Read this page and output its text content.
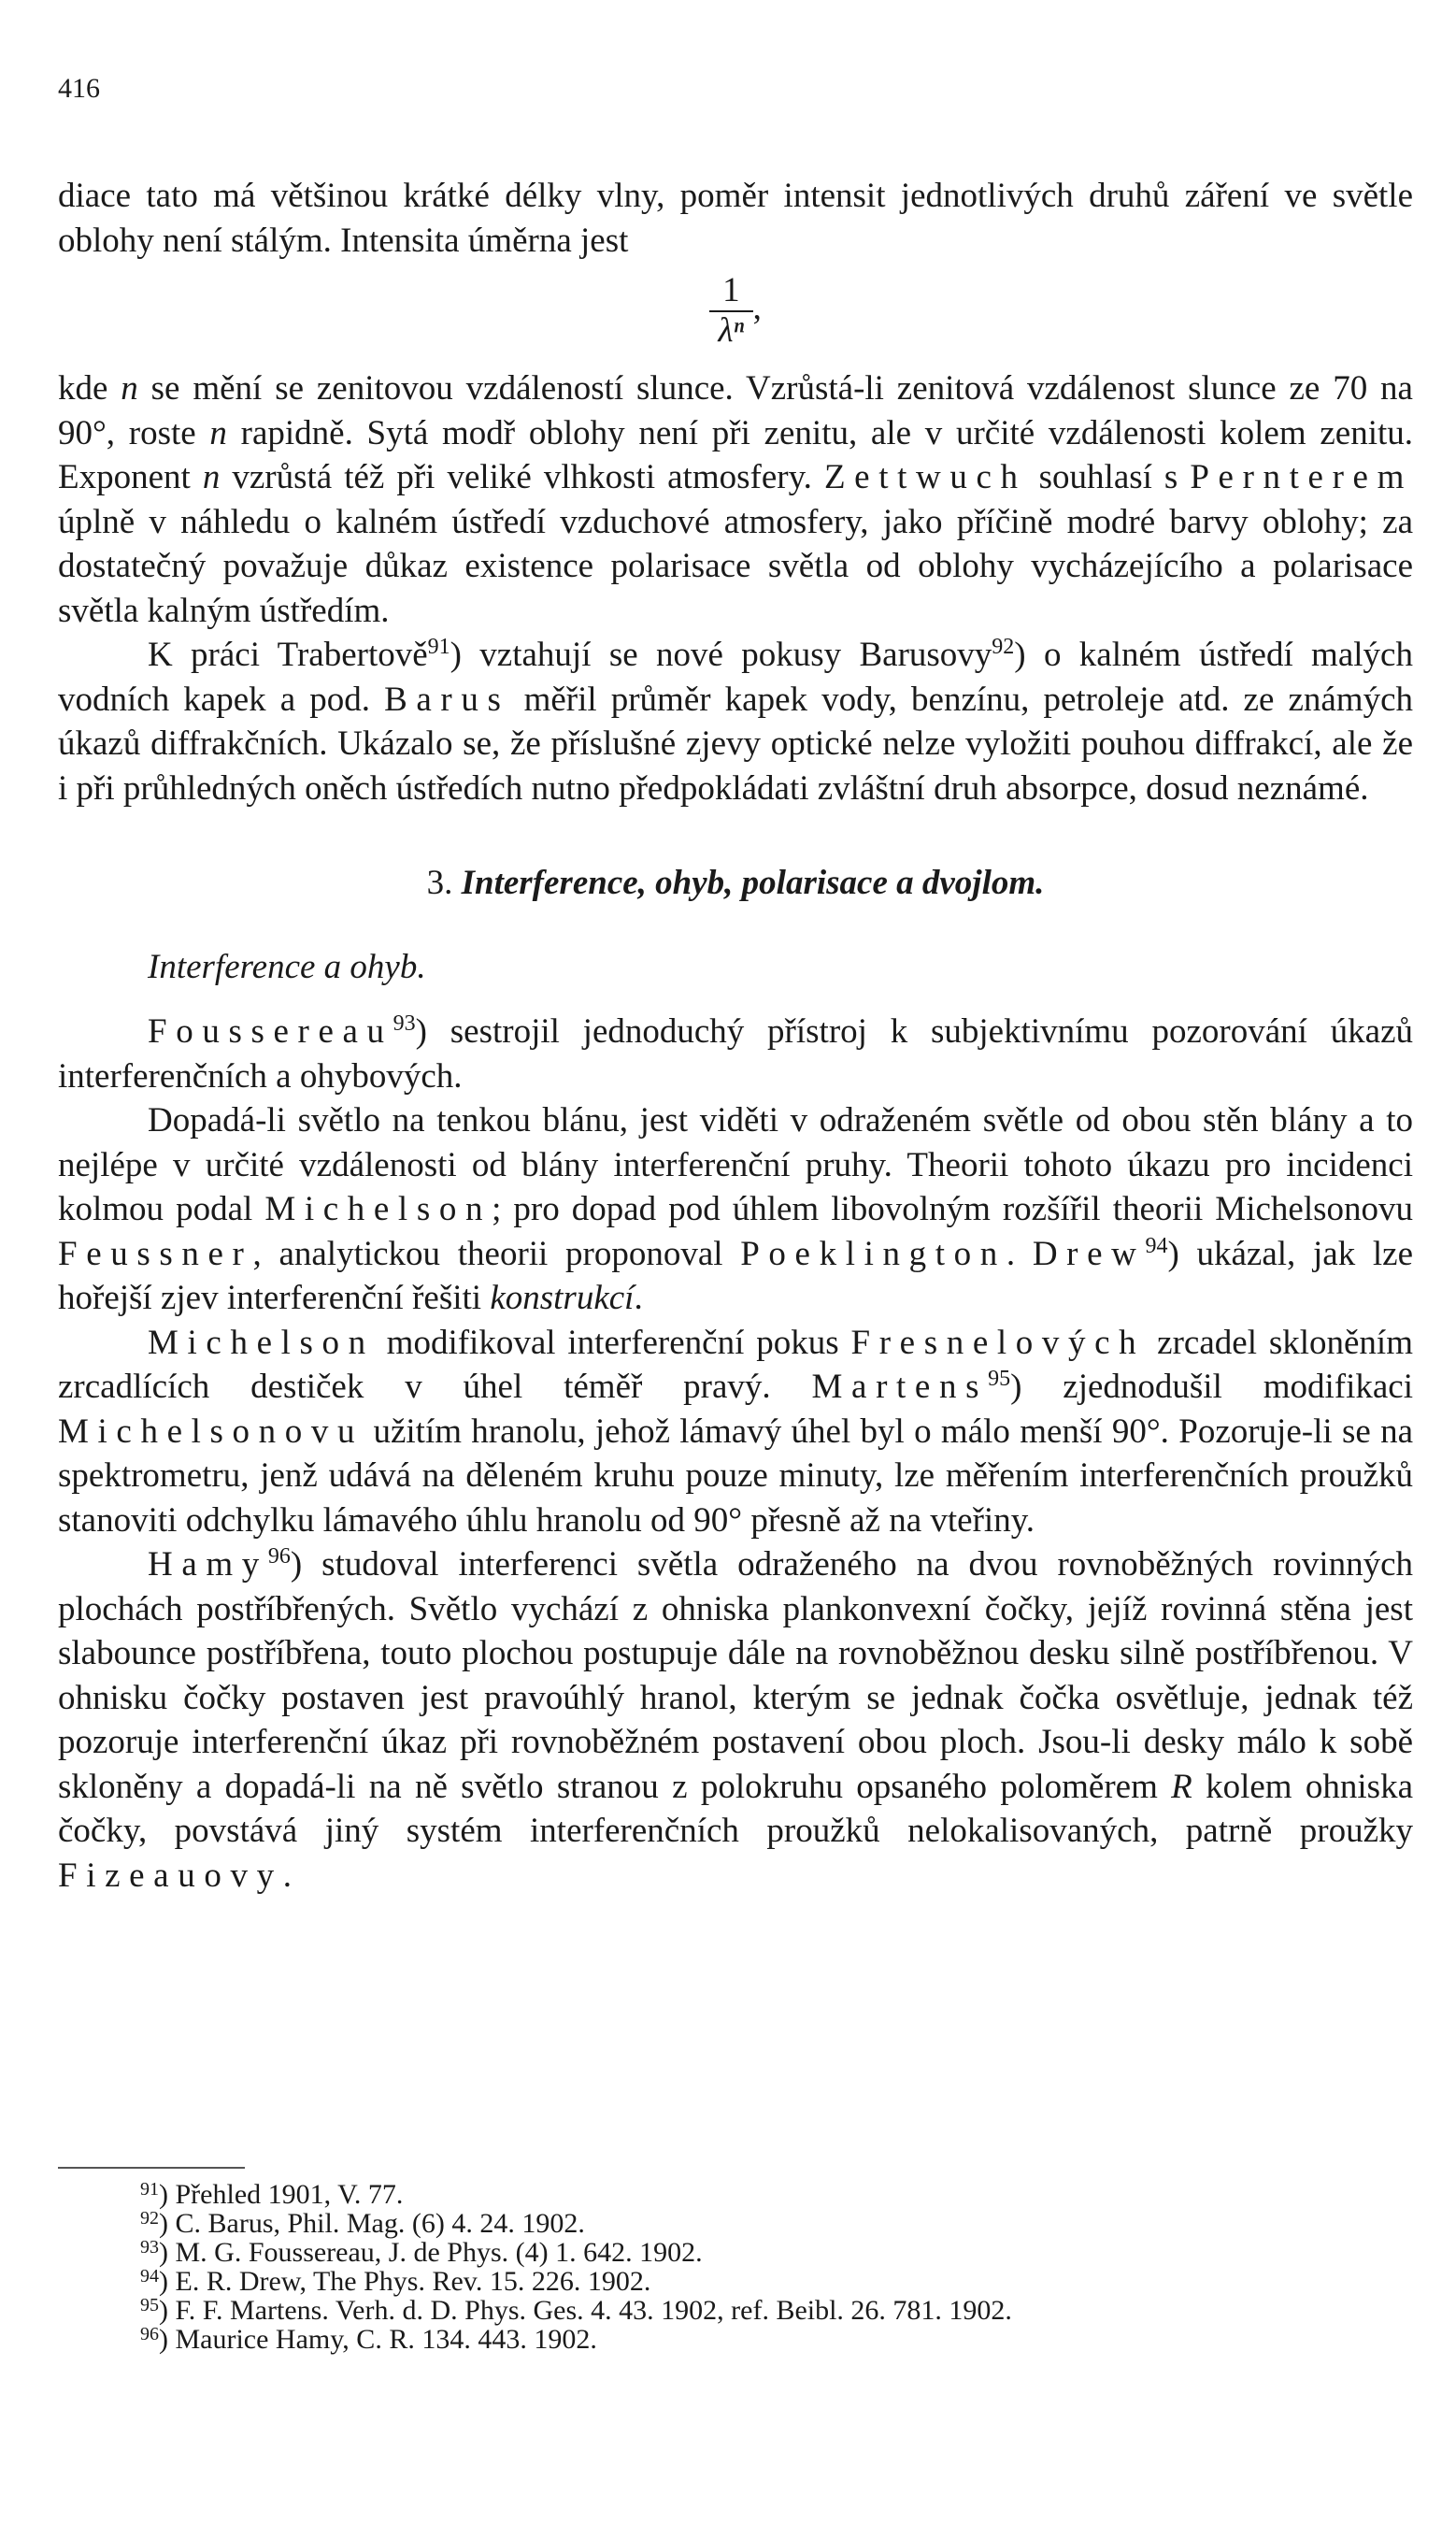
416

diace tato má většinou krátké délky vlny, poměr intensit jednotlivých druhů záření ve světle oblohy není stálým. Intensita úměrna jest

$\frac{1}{\text{λⁿ}}$ ,

kde n se mění se zenitovou vzdáleností slunce. Vzrůstá-li zenitová vzdálenost slunce ze 70 na 90°, roste n rapidně. Sytá modř oblohy není při zenitu, ale v určité vzdálenosti kolem zenitu. Exponent n vzrůstá též při veliké vlhkosti atmosfery. Zettwuch souhlasí s Pernterem úplně v náhledu o kalném ústředí vzduchové atmosfery, jako příčině modré barvy oblohy; za dostatečný považuje důkaz existence polarisace světla od oblohy vycházejícího a polarisace světla kalným ústředím.

K práci Trabertově$^{91}$) vztahují se nové pokusy Barusovy$^{92}$) o kalném ústředí malých vodních kapek a pod. Barus měřil průměr kapek vody, benzínu, petroleje atd. ze známých úkazů diffrakčních. Ukázalo se, že příslušné zjevy optické nelze vyložiti pouhou diffrakcí, ale že i při průhledných oněch ústředích nutno předpokládati zvláštní druh absorpce, dosud neznámé.

3. Interference, ohyb, polarisace a dvojlom.

Interference a ohyb.

Foussereau$^{93}$) sestrojil jednoduchý přístroj k subjektivnímu pozorování úkazů interferenčních a ohybových.

Dopadá-li světlo na tenkou blánu, jest viděti v odraženém světle od obou stěn blány a to nejlépe v určité vzdálenosti od blány interferenční pruhy. Theorii tohoto úkazu pro incidenci kolmou podal Michelson; pro dopad pod úhlem libovolným rozšířil theorii Michelsonovu Feussner, analytickou theorii proponoval Poeklington. Drew$^{94}$) ukázal, jak lze hořejší zjev interferenční řešiti konstrukcí.

Michelson modifikoval interferenční pokus Fresnelových zrcadel skloněním zrcadlících destiček v úhel téměř pravý. Martens$^{95}$) zjednodušil modifikaci Michelsonovu užitím hranolu, jehož lámavý úhel byl o málo menší 90°. Pozoruje-li se na spektrometru, jenž udává na děleném kruhu pouze minuty, lze měřením interferenčních proužků stanoviti odchylku lámavého úhlu hranolu od 90° přesně až na vteřiny.

Hamy$^{96}$) studoval interferenci světla odraženého na dvou rovnoběžných rovinných plochách postříbřených. Světlo vychází z ohniska plankonvexní čočky, jejíž rovinná stěna jest slabounce postříbřena, touto plochou postupuje dále na rovnoběžnou desku silně postříbřenou. V ohnisku čočky postaven jest pravoúhlý hranol, kterým se jednak čočka osvětluje, jednak též pozoruje interferenční úkaz při rovnoběžném postavení obou ploch. Jsou-li desky málo k sobě skloněny a dopadá-li na ně světlo stranou z polokruhu opsaného poloměrem R kolem ohniska čočky, povstává jiný systém interferenčních proužků nelokalisovaných, patrně proužky Fizeauovy.

$^{91}$) Přehled 1901, V. 77.
$^{92}$) C. Barus, Phil. Mag. (6) 4. 24. 1902.
$^{93}$) M. G. Foussereau, J. de Phys. (4) 1. 642. 1902.
$^{94}$) E. R. Drew, The Phys. Rev. 15. 226. 1902.
$^{95}$) F. F. Martens. Verh. d. D. Phys. Ges. 4. 43. 1902, ref. Beibl. 26. 781. 1902.
$^{96}$) Maurice Hamy, C. R. 134. 443. 1902.
